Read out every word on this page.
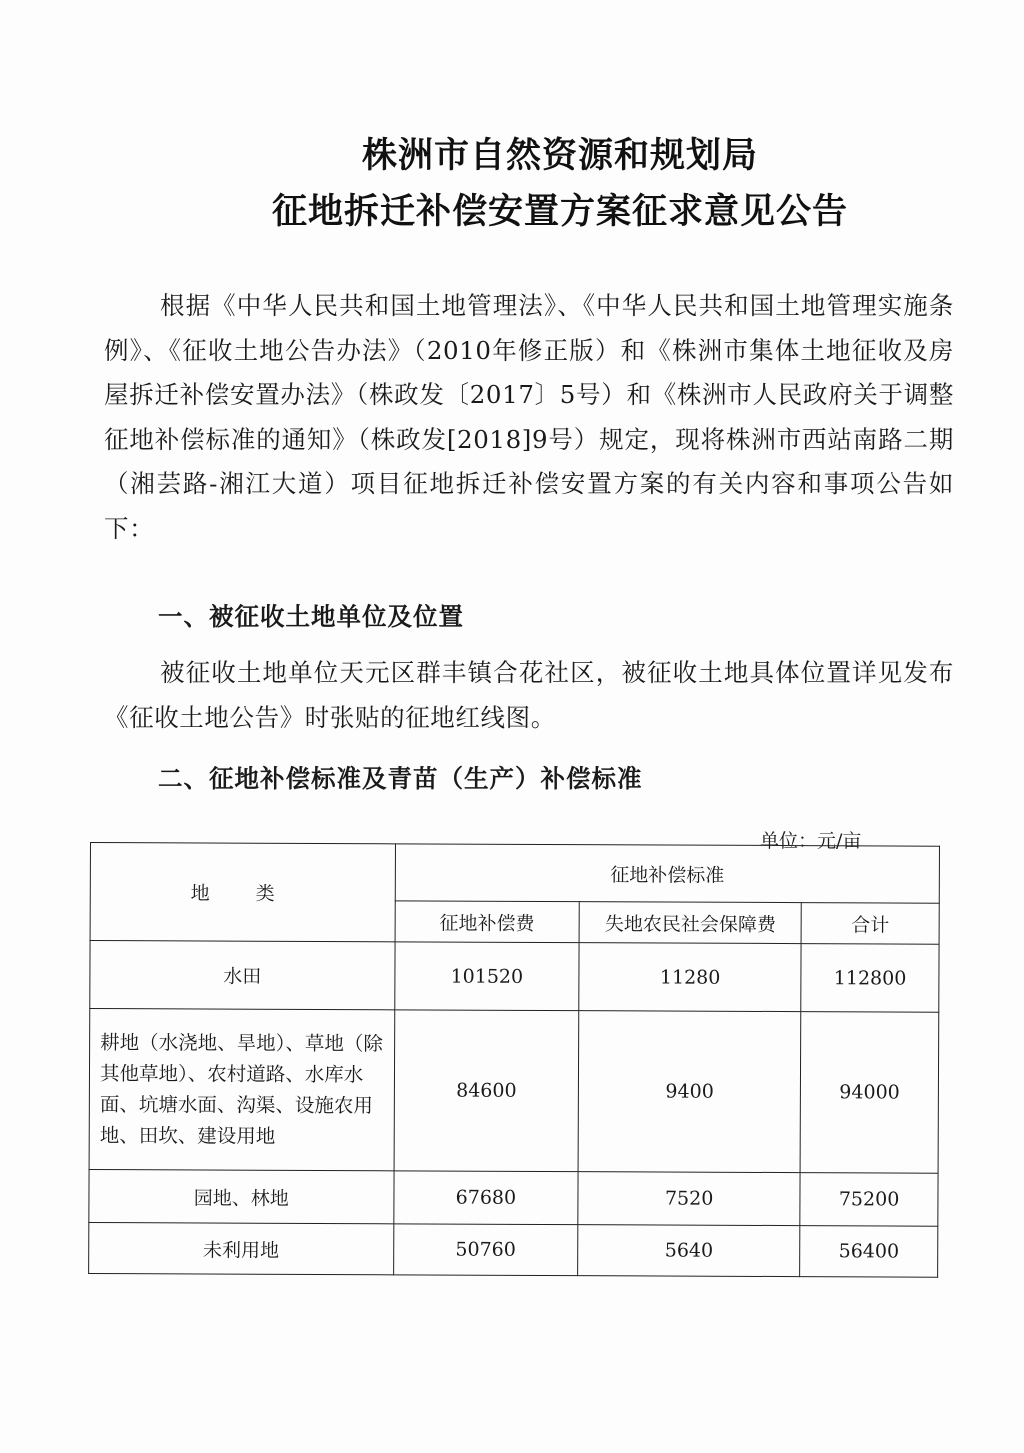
株洲市自然资源和规划局
征地拆迁补偿安置方案征求意见公告
根据《中华人民共和国土地管理法》、《中华人民共和国土地管理实施条例》、《征收土地公告办法》（2010年修正版）和《株洲市集体土地征收及房屋拆迁补偿安置办法》（株政发〔2017〕5号）和《株洲市人民政府关于调整征地补偿标准的通知》（株政发[2018]9号）规定，现将株洲市西站南路二期（湘芸路-湘江大道）项目征地拆迁补偿安置方案的有关内容和事项公告如下：
一、被征收土地单位及位置
被征收土地单位天元区群丰镇合花社区，被征收土地具体位置详见发布《征收土地公告》时张贴的征地红线图。
二、征地补偿标准及青苗（生产）补偿标准
单位：元/亩
地 类	征地补偿标准		
	征地补偿费	失地农民社会保障费	合计
水田	101520	11280	112800
耕地（水浇地、旱地）、草地（除其他草地）、农村道路、水库水面、坑塘水面、沟渠、设施农用地、田坎、建设用地	84600	9400	94000
园地、林地	67680	7520	75200
未利用地	50760	5640	56400
